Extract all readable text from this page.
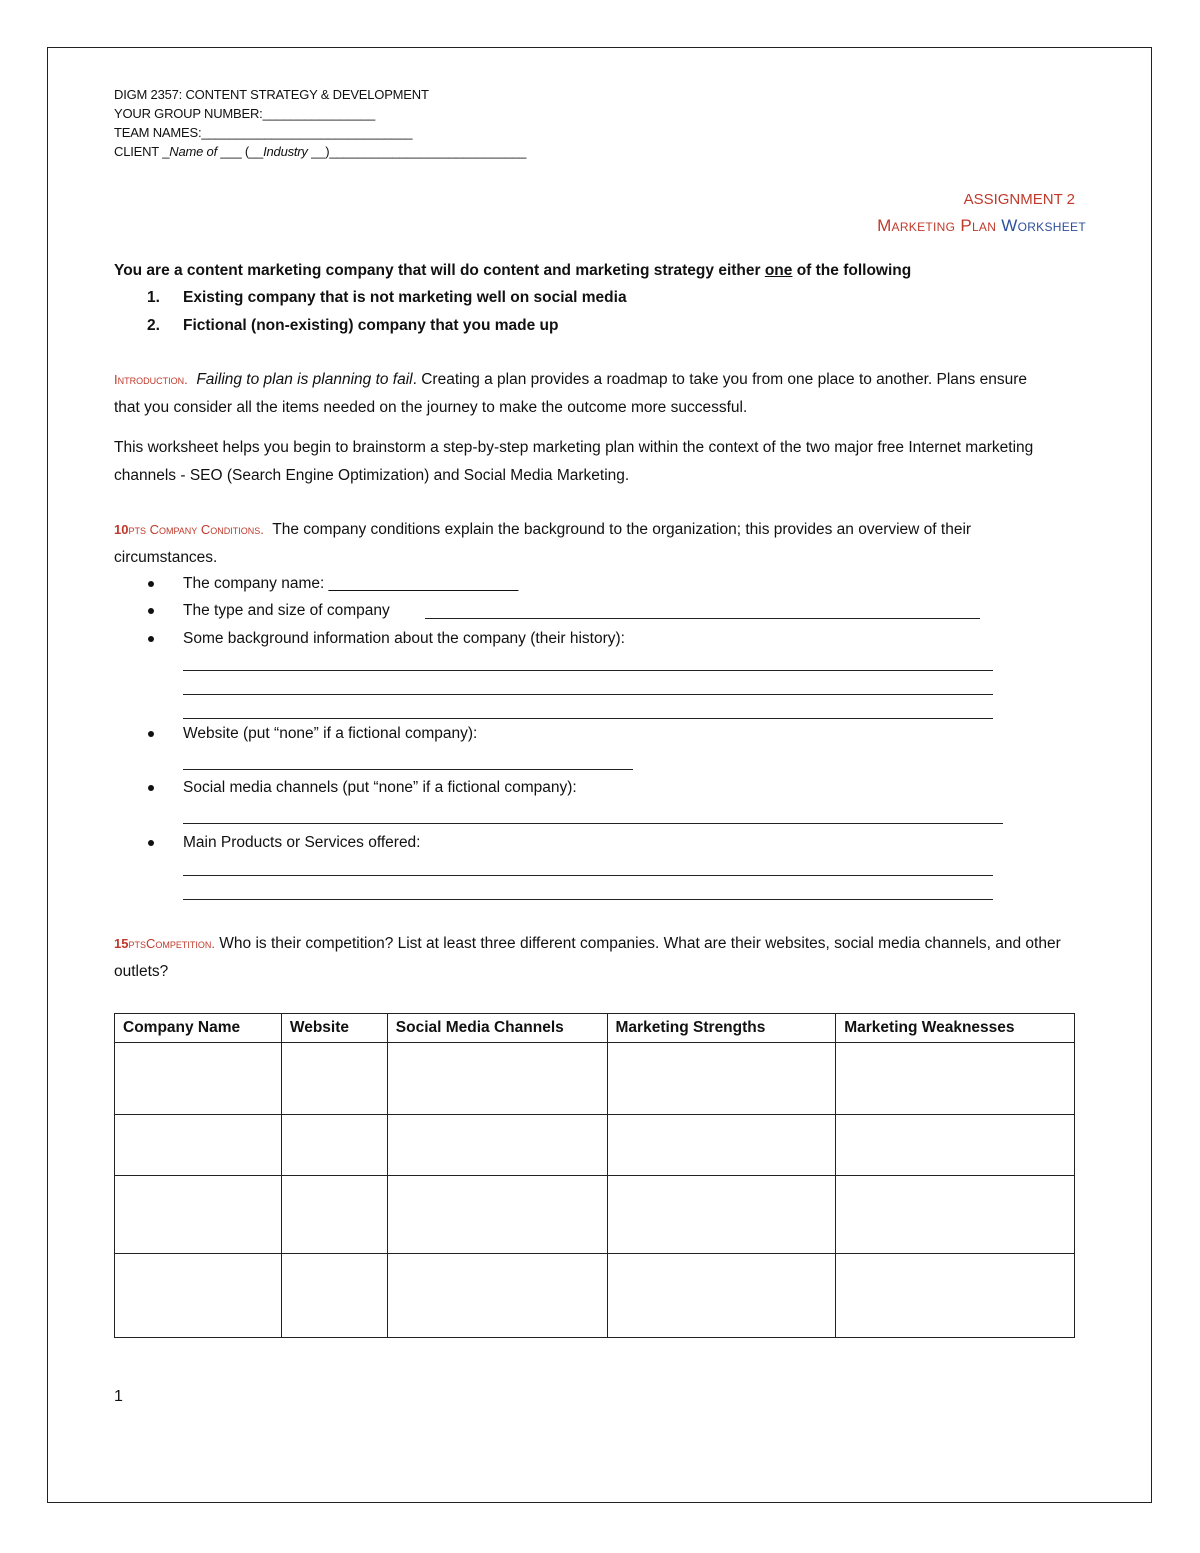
DIGM 2357: CONTENT STRATEGY & DEVELOPMENT
YOUR GROUP NUMBER:________________
TEAM NAMES:______________________________
CLIENT _Name of ___ (__Industry __)____________________________
ASSIGNMENT 2
Marketing Plan Worksheet
You are a content marketing company that will do content and marketing strategy either one of the following
1. Existing company that is not marketing well on social media
2. Fictional (non-existing) company that you made up
Introduction. Failing to plan is planning to fail. Creating a plan provides a roadmap to take you from one place to another. Plans ensure that you consider all the items needed on the journey to make the outcome more successful.
This worksheet helps you begin to brainstorm a step-by-step marketing plan within the context of the two major free Internet marketing channels - SEO (Search Engine Optimization) and Social Media Marketing.
10pts Company Conditions. The company conditions explain the background to the organization; this provides an overview of their circumstances.
The company name: ______________________
The type and size of company
Some background information about the company (their history):
Website (put “none” if a fictional company):
Social media channels (put “none” if a fictional company):
Main Products or Services offered:
15ptsCompetition. Who is their competition? List at least three different companies. What are their websites, social media channels, and other outlets?
Company Name	Website	Social Media Channels	Marketing Strengths	Marketing Weaknesses

1
